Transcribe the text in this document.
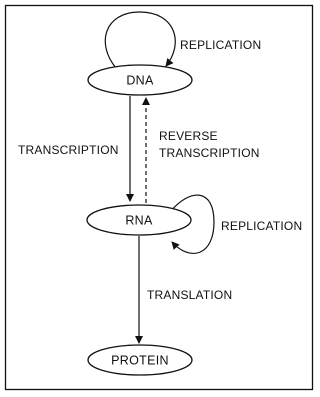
REPLICATION
DNA
TRANSCRIPTION
REVERSE
TRANSCRIPTION
REPLICATION
RNA
TRANSLATION
PROTEIN
